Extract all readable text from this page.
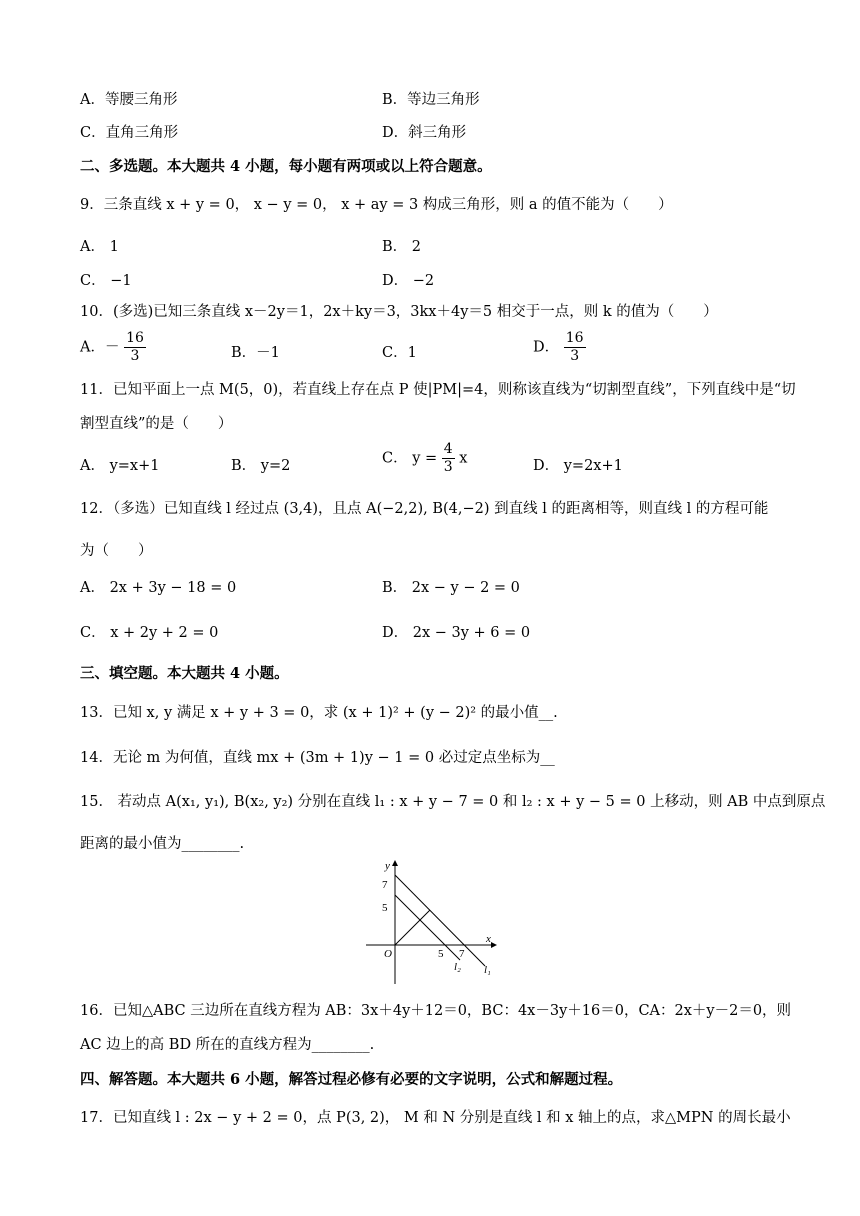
A．等腰三角形	B．等边三角形
C．直角三角形	D．斜三角形
二、多选题。本大题共 4 小题，每小题有两项或以上符合题意。
9．三条直线 x + y = 0， x − y = 0， x + ay = 3 构成三角形，则 a 的值不能为（　　）
A． 1	B． 2
C． −1	D． −2
10．(多选)已知三条直线 x－2y＝1，2x＋ky＝3，3kx＋4y＝5 相交于一点，则 k 的值为（　　）
A．－ $\frac{16}{3}$	B．－1	C．1	D． $\frac{16}{3}$
11．已知平面上一点 M(5，0)，若直线上存在点 P 使|PM|=4，则称该直线为“切割型直线”，下列直线中是“切
割型直线”的是（　　）
A． y=x+1	B． y=2	C． $y = \frac{4}{3}$ x	D． y=2x+1
12．（多选）已知直线 l 经过点 (3,4)，且点 A(−2,2), B(4,−2) 到直线 l 的距离相等，则直线 l 的方程可能
为（　　）
A． 2x + 3y − 18 = 0	B． 2x − y − 2 = 0
C． x + 2y + 2 = 0	D． 2x − 3y + 6 = 0
三、填空题。本大题共 4 小题。
13．已知 x, y 满足 x + y + 3 = 0，求 (x + 1)² + (y − 2)² 的最小值__.
14．无论 m 为何值，直线 mx + (3m + 1)y − 1 = 0 必过定点坐标为__
15． 若动点 A(x₁, y₁), B(x₂, y₂) 分别在直线 l₁ : x + y − 7 = 0 和 l₂ : x + y − 5 = 0 上移动，则 AB 中点到原点
距离的最小值为________.
y
7
5
O	5 7
x
l₂ l₁
16．已知△ABC 三边所在直线方程为 AB：3x＋4y＋12＝0，BC：4x－3y＋16＝0，CA：2x＋y－2＝0，则
AC 边上的高 BD 所在的直线方程为________.
四、解答题。本大题共 6 小题，解答过程必修有必要的文字说明，公式和解题过程。
17．已知直线 l : 2x − y + 2 = 0，点 P(3, 2)， M 和 N 分别是直线 l 和 x 轴上的点，求△MPN 的周长最小
